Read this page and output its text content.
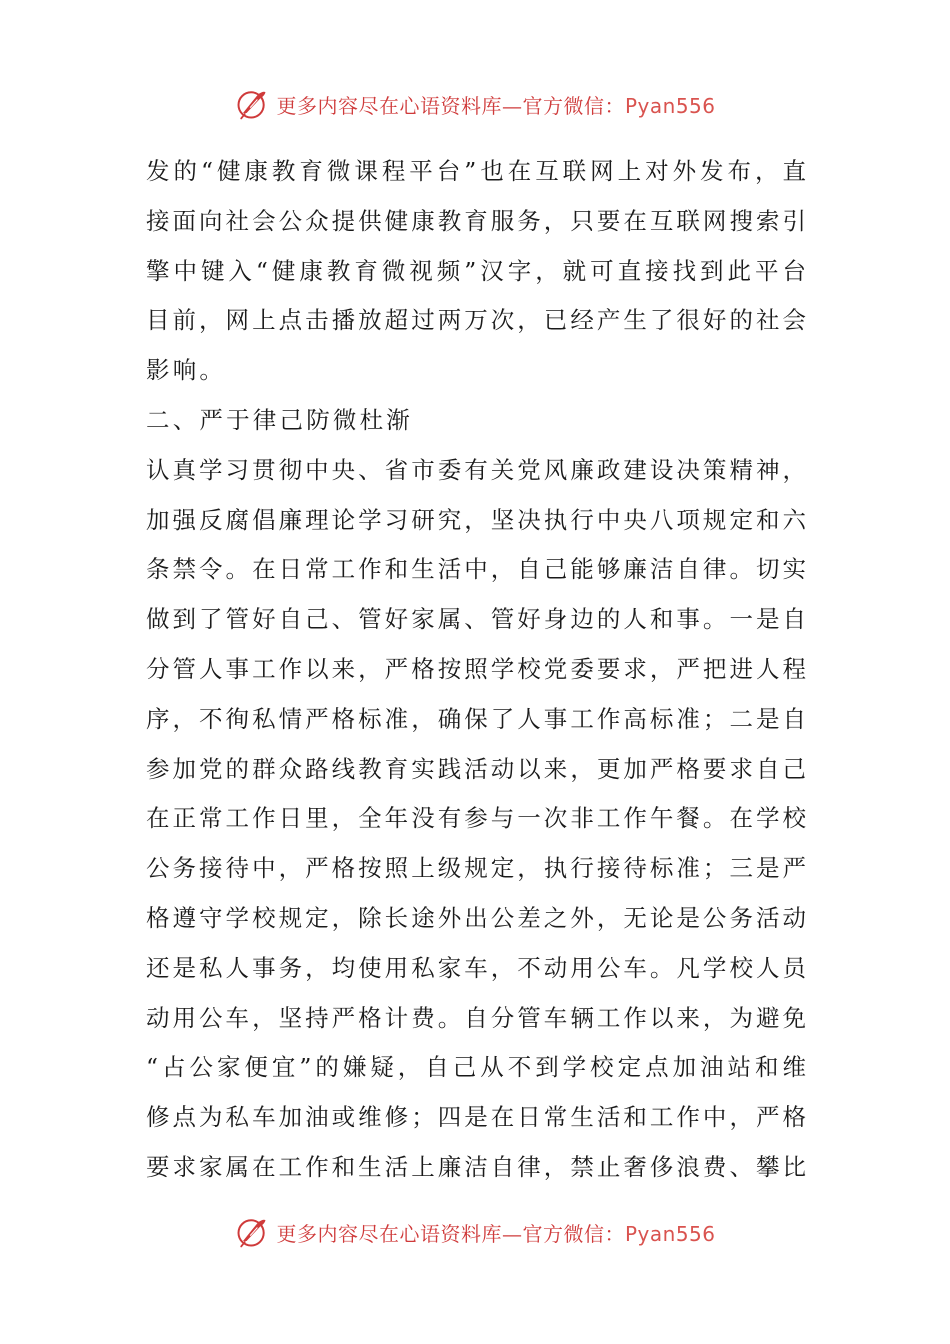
更多内容尽在心语资料库—官方微信：Pyan556
发的“健康教育微课程平台”也在互联网上对外发布，直
接面向社会公众提供健康教育服务，只要在互联网搜索引
擎中键入“健康教育微视频”汉字，就可直接找到此平台
目前，网上点击播放超过两万次，已经产生了很好的社会
影响。
二、严于律己防微杜渐
认真学习贯彻中央、省市委有关党风廉政建设决策精神，
加强反腐倡廉理论学习研究，坚决执行中央八项规定和六
条禁令。在日常工作和生活中，自己能够廉洁自律。切实
做到了管好自己、管好家属、管好身边的人和事。一是自
分管人事工作以来，严格按照学校党委要求，严把进人程
序，不徇私情严格标准，确保了人事工作高标准；二是自
参加党的群众路线教育实践活动以来，更加严格要求自己
在正常工作日里，全年没有参与一次非工作午餐。在学校
公务接待中，严格按照上级规定，执行接待标准；三是严
格遵守学校规定，除长途外出公差之外，无论是公务活动
还是私人事务，均使用私家车，不动用公车。凡学校人员
动用公车，坚持严格计费。自分管车辆工作以来，为避免
“占公家便宜”的嫌疑，自己从不到学校定点加油站和维
修点为私车加油或维修；四是在日常生活和工作中，严格
要求家属在工作和生活上廉洁自律，禁止奢侈浪费、攀比
更多内容尽在心语资料库—官方微信：Pyan556
